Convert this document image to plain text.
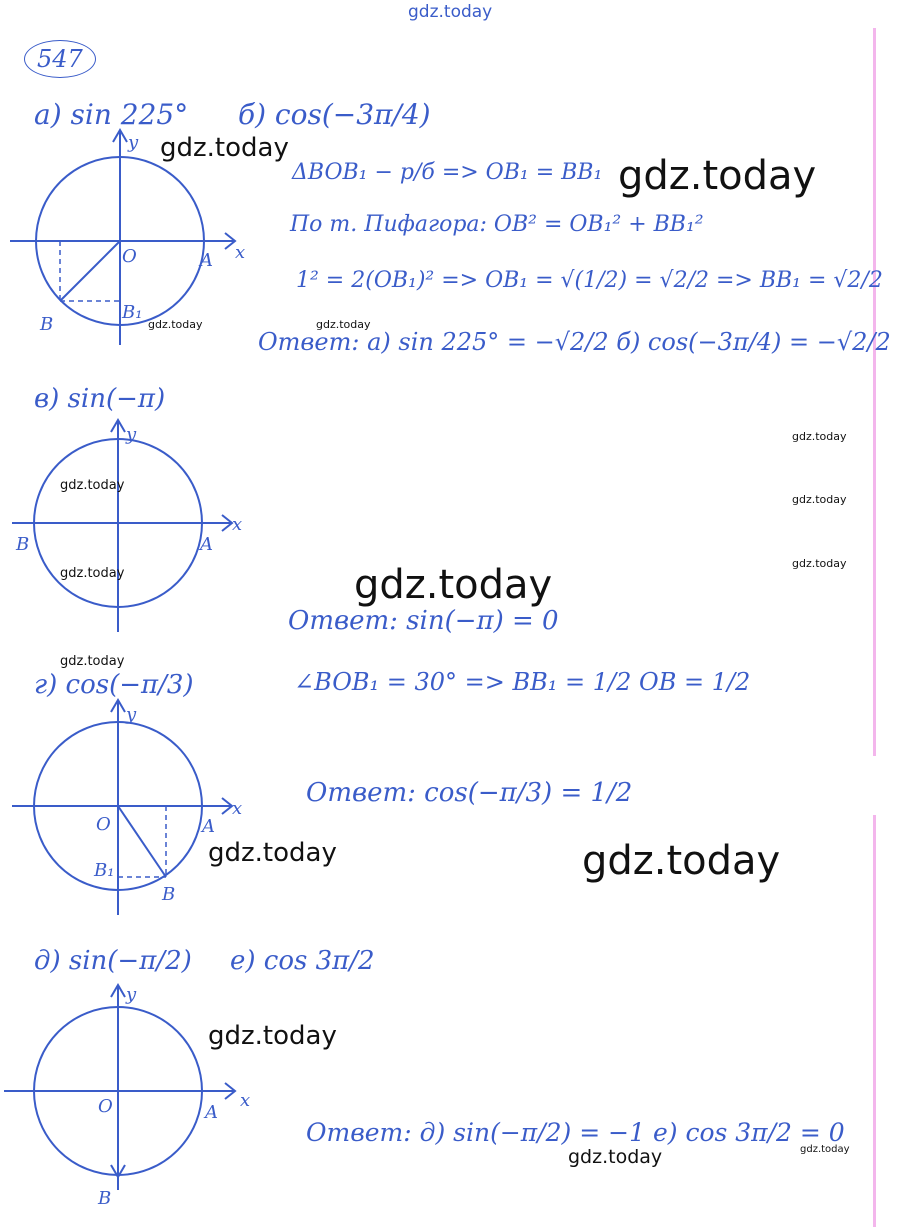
gdz.today
547
а) sin 225° б) cos(−3π/4)
y
x
O	A
B
B₁
ΔBOB₁ − р/б => OB₁ = BB₁
По т. Пифагора: OB² = OB₁² + BB₁²
1² = 2(OB₁)² => OB₁ = √(1/2) = √2/2 => BB₁ = √2/2
Ответ: а) sin 225° = −√2/2 б) cos(−3π/4) = −√2/2
в) sin(−π)
y
x
A
B
Ответ: sin(−π) = 0
г) cos(−π/3)
y
x
O	A
B
B₁
∠BOB₁ = 30° => BB₁ = 1/2 OB = 1/2
Ответ: cos(−π/3) = 1/2
д) sin(−π/2) е) cos 3π/2
y
x
O	A
B
Ответ: д) sin(−π/2) = −1 е) cos 3π/2 = 0
gdz.today
gdz.today
gdz.today	gdz.today
gdz.today
gdz.today
gdz.today
gdz.today
gdz.today
gdz.today
gdz.today
gdz.today	gdz.today
gdz.today
gdz.today	gdz.today
